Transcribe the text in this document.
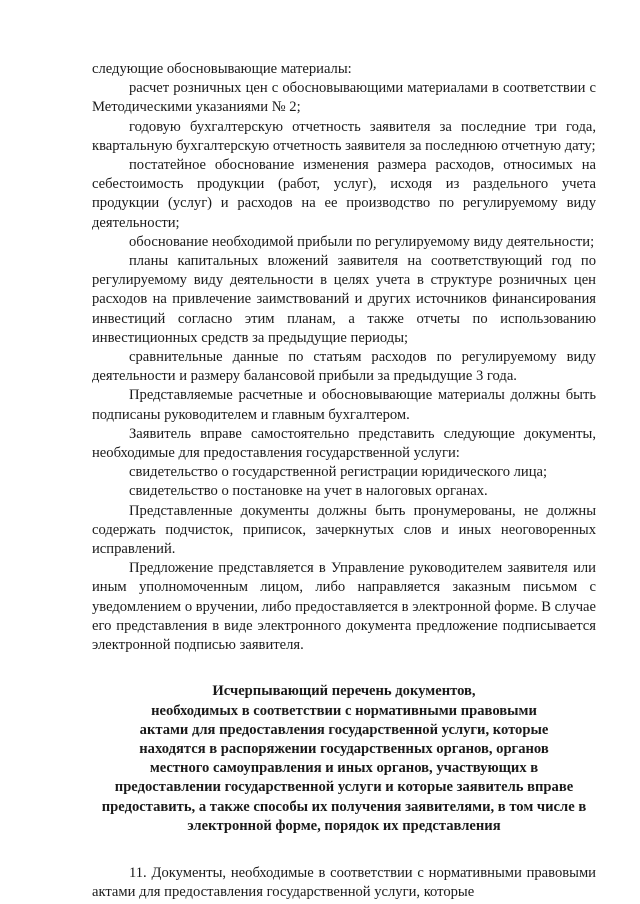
следующие обосновывающие материалы:

расчет розничных цен с обосновывающими материалами в соответствии с Методическими указаниями № 2;

годовую бухгалтерскую отчетность заявителя за последние три года, квартальную бухгалтерскую отчетность заявителя за последнюю отчетную дату;

постатейное обоснование изменения размера расходов, относимых на себестоимость продукции (работ, услуг), исходя из раздельного учета продукции (услуг) и расходов на ее производство по регулируемому виду деятельности;

обоснование необходимой прибыли по регулируемому виду деятельности;

планы капитальных вложений заявителя на соответствующий год по регулируемому виду деятельности в целях учета в структуре розничных цен расходов на привлечение заимствований и других источников финансирования инвестиций согласно этим планам, а также отчеты по использованию инвестиционных средств за предыдущие периоды;

сравнительные данные по статьям расходов по регулируемому виду деятельности и размеру балансовой прибыли за предыдущие 3 года.

Представляемые расчетные и обосновывающие материалы должны быть подписаны руководителем и главным бухгалтером.

Заявитель вправе самостоятельно представить следующие документы, необходимые для предоставления государственной услуги:

свидетельство о государственной регистрации юридического лица;

свидетельство о постановке на учет в налоговых органах.

Представленные документы должны быть пронумерованы, не должны содержать подчисток, приписок, зачеркнутых слов и иных неоговоренных исправлений.

Предложение представляется в Управление руководителем заявителя или иным уполномоченным лицом, либо направляется заказным письмом с уведомлением о вручении, либо предоставляется в электронной форме. В случае его представления в виде электронного документа предложение подписывается электронной подписью заявителя.

Исчерпывающий перечень документов,
необходимых в соответствии с нормативными правовыми
актами для предоставления государственной услуги, которые
находятся в распоряжении государственных органов, органов
местного самоуправления и иных органов, участвующих в
предоставлении государственной услуги и которые заявитель вправе
предоставить, а также способы их получения заявителями, в том числе в
электронной форме, порядок их представления

11. Документы, необходимые в соответствии с нормативными правовыми актами для предоставления государственной услуги, которые
